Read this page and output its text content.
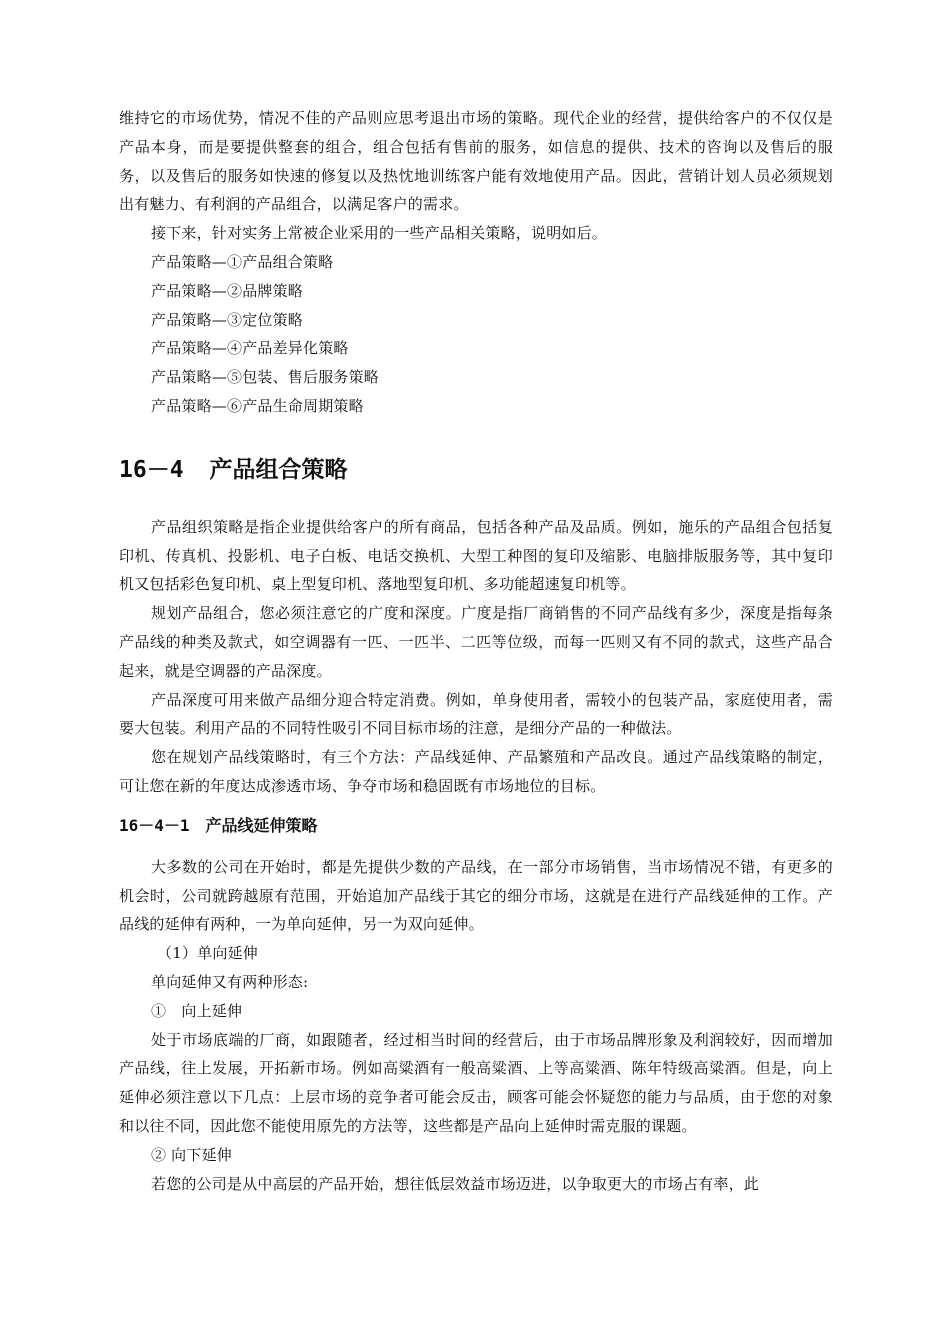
维持它的市场优势，情况不佳的产品则应思考退出市场的策略。现代企业的经营，提供给客户的不仅仅是产品本身，而是要提供整套的组合，组合包括有售前的服务，如信息的提供、技术的咨询以及售后的服务，以及售后的服务如快速的修复以及热忱地训练客户能有效地使用产品。因此，营销计划人员必须规划出有魅力、有利润的产品组合，以满足客户的需求。

接下来，针对实务上常被企业采用的一些产品相关策略，说明如后。

产品策略—①产品组合策略

产品策略—②品牌策略

产品策略—③定位策略

产品策略—④产品差异化策略

产品策略—⑤包装、售后服务策略

产品策略—⑥产品生命周期策略

16－4 产品组合策略

产品组织策略是指企业提供给客户的所有商品，包括各种产品及品质。例如，施乐的产品组合包括复印机、传真机、投影机、电子白板、电话交换机、大型工种图的复印及缩影、电脑排版服务等，其中复印机又包括彩色复印机、桌上型复印机、落地型复印机、多功能超速复印机等。

规划产品组合，您必须注意它的广度和深度。广度是指厂商销售的不同产品线有多少，深度是指每条产品线的种类及款式，如空调器有一匹、一匹半、二匹等位级，而每一匹则又有不同的款式，这些产品合起来，就是空调器的产品深度。

产品深度可用来做产品细分迎合特定消费。例如，单身使用者，需较小的包装产品，家庭使用者，需要大包装。利用产品的不同特性吸引不同目标市场的注意，是细分产品的一种做法。

您在规划产品线策略时，有三个方法：产品线延伸、产品繁殖和产品改良。通过产品线策略的制定，可让您在新的年度达成渗透市场、争夺市场和稳固既有市场地位的目标。

16－4－1 产品线延伸策略

大多数的公司在开始时，都是先提供少数的产品线，在一部分市场销售，当市场情况不错，有更多的机会时，公司就跨越原有范围，开始追加产品线于其它的细分市场，这就是在进行产品线延伸的工作。产品线的延伸有两种，一为单向延伸，另一为双向延伸。

（1）单向延伸

单向延伸又有两种形态:

①　向上延伸

处于市场底端的厂商，如跟随者，经过相当时间的经营后，由于市场品牌形象及利润较好，因而增加产品线，往上发展，开拓新市场。例如高粱酒有一般高粱酒、上等高粱酒、陈年特级高粱酒。但是，向上延伸必须注意以下几点：上层市场的竞争者可能会反击，顾客可能会怀疑您的能力与品质，由于您的对象和以往不同，因此您不能使用原先的方法等，这些都是产品向上延伸时需克服的课题。

② 向下延伸

若您的公司是从中高层的产品开始，想往低层效益市场迈进，以争取更大的市场占有率，此
